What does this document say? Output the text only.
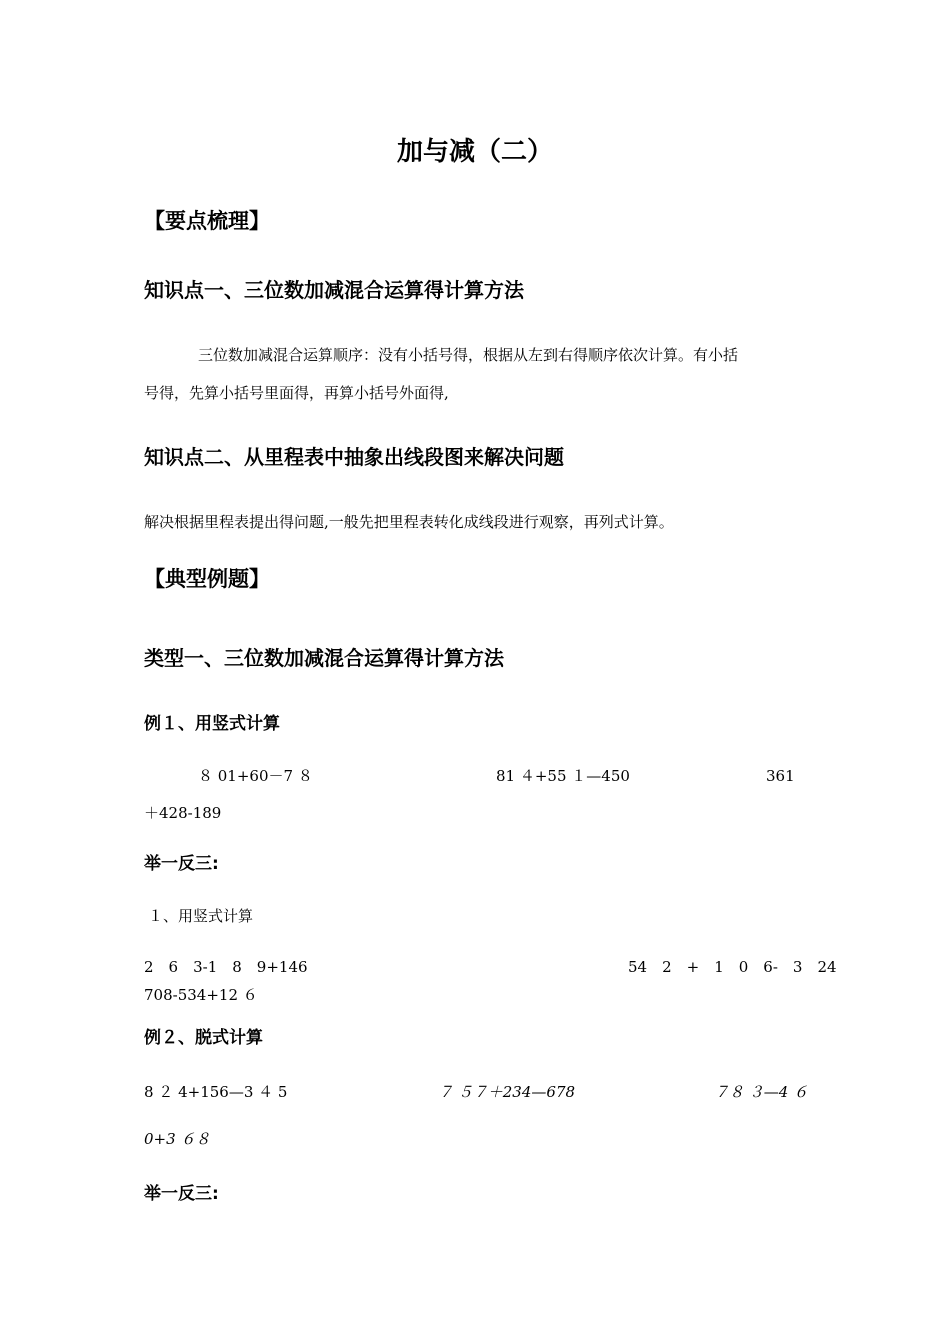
加与减（二）
【要点梳理】
知识点一、三位数加减混合运算得计算方法
三位数加减混合运算顺序：没有小括号得，根据从左到右得顺序依次计算。有小括
号得，先算小括号里面得，再算小括号外面得,
知识点二、从里程表中抽象出线段图来解决问题
解决根据里程表提出得问题,一般先把里程表转化成线段进行观察，再列式计算。
【典型例题】
类型一、三位数加减混合运算得计算方法
例１、用竖式计算
８ 01+60－7 ８	81 ４+55 １—450	361
＋428-189
举一反三:
１、用竖式计算
2　6　3-1　8　9+146	54　2　+　1　0　6-　3　24
708-534+12 ６
例２、脱式计算
8 ２ 4+156—3 ４ 5	７ ５７＋234—678	７８ ３—4 ６
0+3 ６８
举一反三:
